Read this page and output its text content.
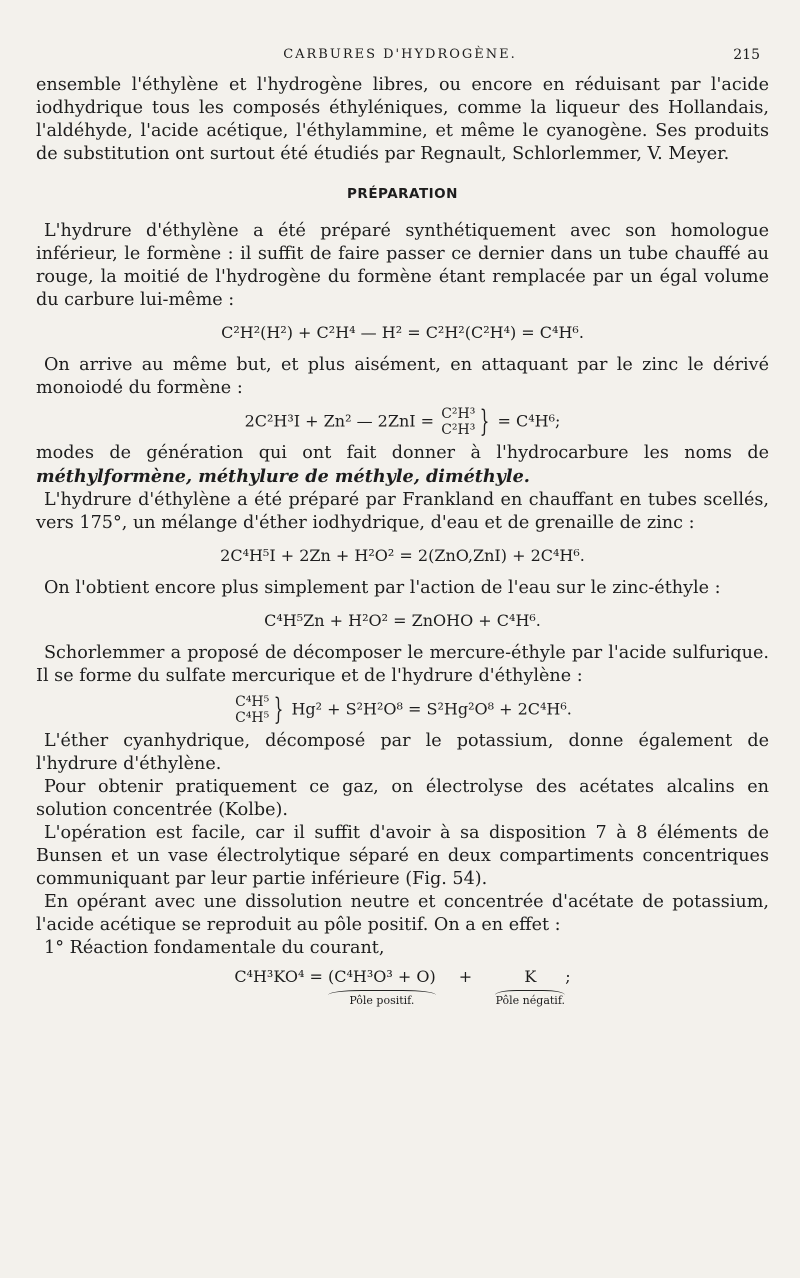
CARBURES D'HYDROGÈNE.	215

ensemble l'éthylène et l'hydrogène libres, ou encore en réduisant par l'acide iodhydrique tous les composés éthyléniques, comme la liqueur des Hollandais, l'aldéhyde, l'acide acétique, l'éthylammine, et même le cyanogène. Ses produits de substitution ont surtout été étudiés par Regnault, Schlorlemmer, V. Meyer.

PRÉPARATION

L'hydrure d'éthylène a été préparé synthétiquement avec son homologue inférieur, le formène : il suffit de faire passer ce dernier dans un tube chauffé au rouge, la moitié de l'hydrogène du formène étant remplacée par un égal volume du carbure lui-même :

C²H²(H²) + C²H⁴ — H² = C²H²(C²H⁴) = C⁴H⁶.

On arrive au même but, et plus aisément, en attaquant par le zinc le dérivé monoiodé du formène :

2C²H³I + Zn² — 2ZnI = C²H³
C²H³ } = C⁴H⁶;

modes de génération qui ont fait donner à l'hydrocarbure les noms de méthylformène, méthylure de méthyle, diméthyle.

L'hydrure d'éthylène a été préparé par Frankland en chauffant en tubes scellés, vers 175°, un mélange d'éther iodhydrique, d'eau et de grenaille de zinc :

2C⁴H⁵I + 2Zn + H²O² = 2(ZnO,ZnI) + 2C⁴H⁶.

On l'obtient encore plus simplement par l'action de l'eau sur le zinc-éthyle :

C⁴H⁵Zn + H²O² = ZnOHO + C⁴H⁶.

Schorlemmer a proposé de décomposer le mercure-éthyle par l'acide sulfurique. Il se forme du sulfate mercurique et de l'hydrure d'éthylène :

C⁴H⁵
C⁴H⁵ } Hg² + S²H²O⁸ = S²Hg²O⁸ + 2C⁴H⁶.

L'éther cyanhydrique, décomposé par le potassium, donne également de l'hydrure d'éthylène.

Pour obtenir pratiquement ce gaz, on électrolyse des acétates alcalins en solution concentrée (Kolbe).

L'opération est facile, car il suffit d'avoir à sa disposition 7 à 8 éléments de Bunsen et un vase électrolytique séparé en deux compartiments concentriques communiquant par leur partie inférieure (Fig. 54).

En opérant avec une dissolution neutre et concentrée d'acétate de potassium, l'acide acétique se reproduit au pôle positif. On a en effet :

1° Réaction fondamentale du courant,

C⁴H³KO⁴ = (C⁴H³O³ + O)
Pôle positif.
+	K
Pôle négatif.
;
